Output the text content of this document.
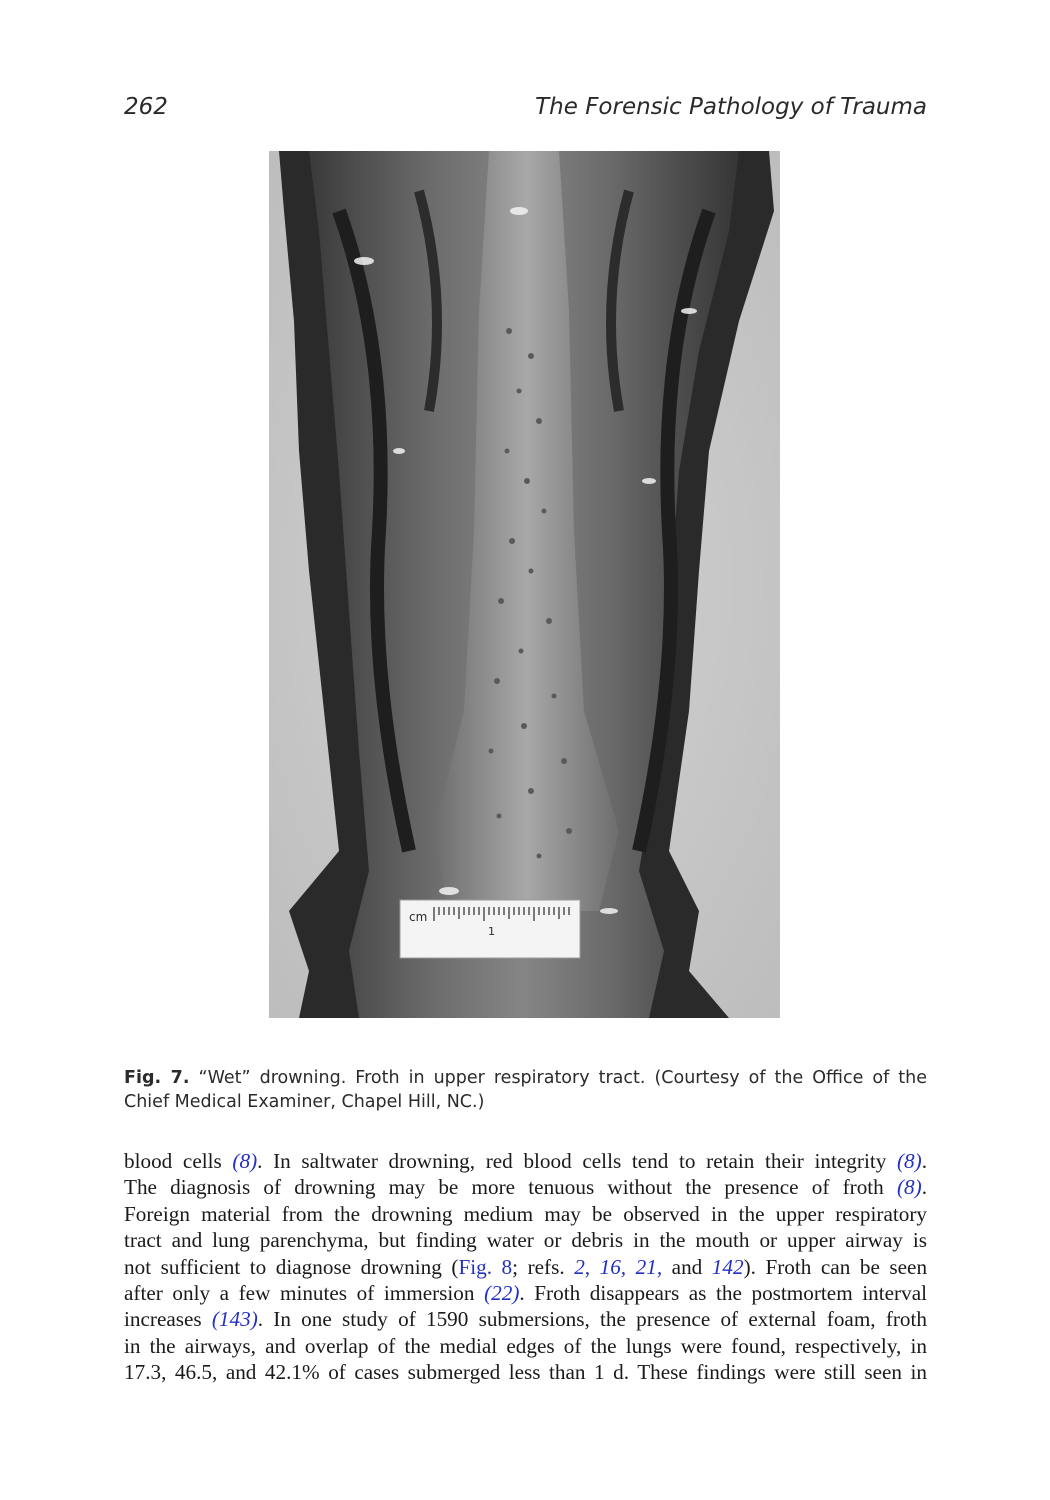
262	The Forensic Pathology of Trauma
cm
1
Fig. 7. “Wet” drowning. Froth in upper respiratory tract. (Courtesy of the Office of the Chief Medical Examiner, Chapel Hill, NC.)
blood cells (8). In saltwater drowning, red blood cells tend to retain their integrity (8).
The diagnosis of drowning may be more tenuous without the presence of froth (8).
Foreign material from the drowning medium may be observed in the upper respiratory
tract and lung parenchyma, but finding water or debris in the mouth or upper airway is
not sufficient to diagnose drowning (Fig. 8; refs. 2, 16, 21, and 142). Froth can be seen
after only a few minutes of immersion (22). Froth disappears as the postmortem interval
increases (143). In one study of 1590 submersions, the presence of external foam, froth
in the airways, and overlap of the medial edges of the lungs were found, respectively, in
17.3, 46.5, and 42.1% of cases submerged less than 1 d. These findings were still seen in
